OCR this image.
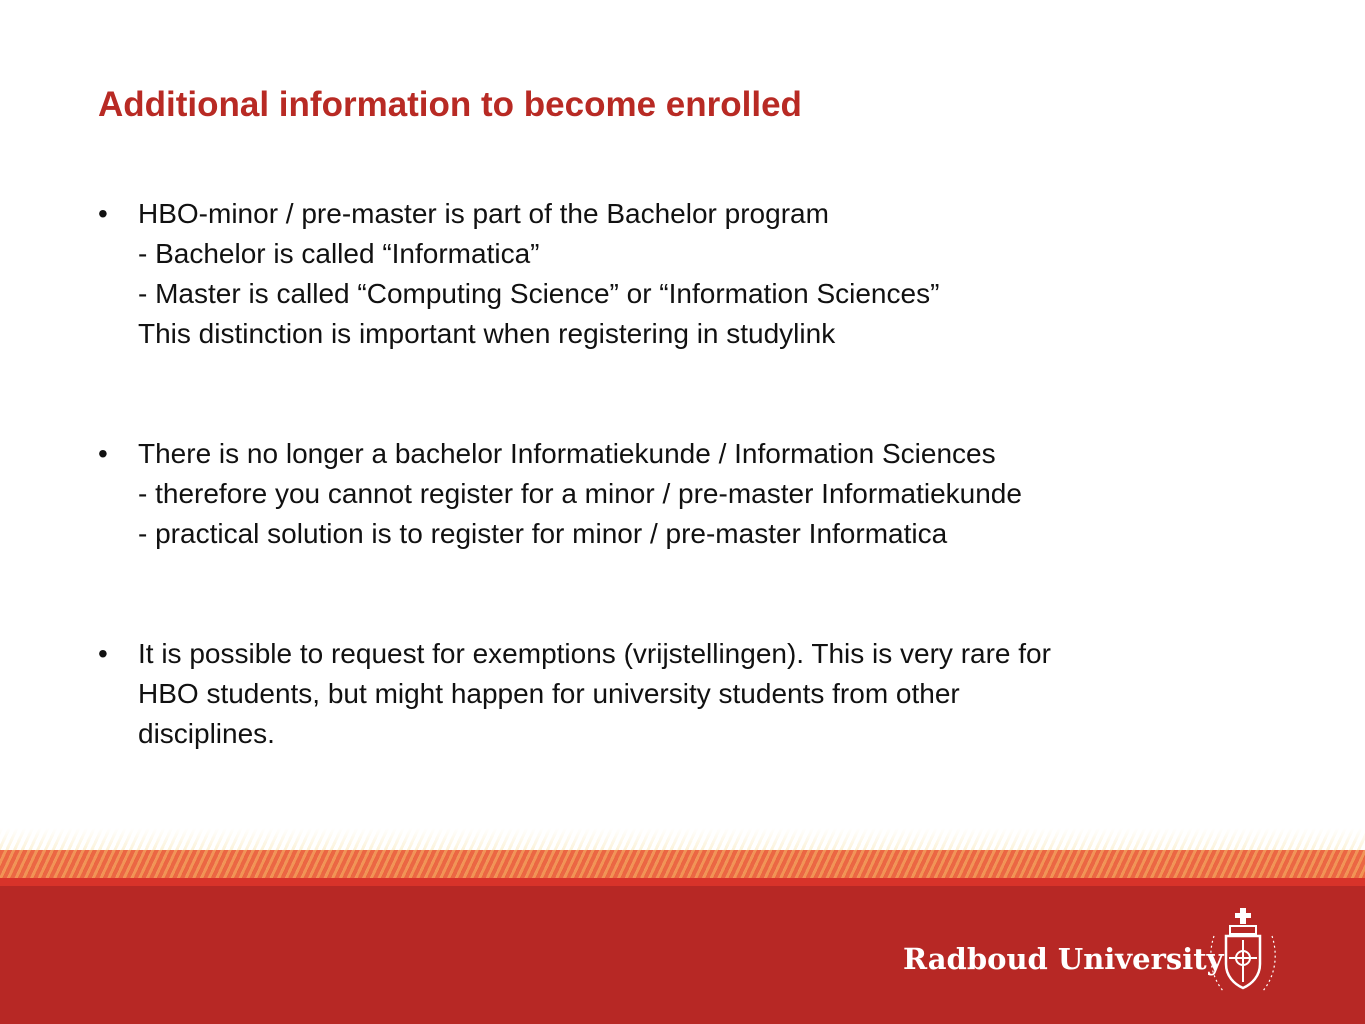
Additional information to become enrolled
•	HBO-minor / pre-master is part of the Bachelor program
- Bachelor is called “Informatica”
- Master is called “Computing Science” or “Information Sciences”
This distinction is important when registering in studylink
•	There is no longer a bachelor Informatiekunde / Information Sciences
- therefore you cannot register for a minor / pre-master Informatiekunde
- practical solution is to register for minor / pre-master Informatica
•	It is possible to request for exemptions (vrijstellingen). This is very rare for
HBO students, but might happen for university students from other
disciplines.
Radboud University
